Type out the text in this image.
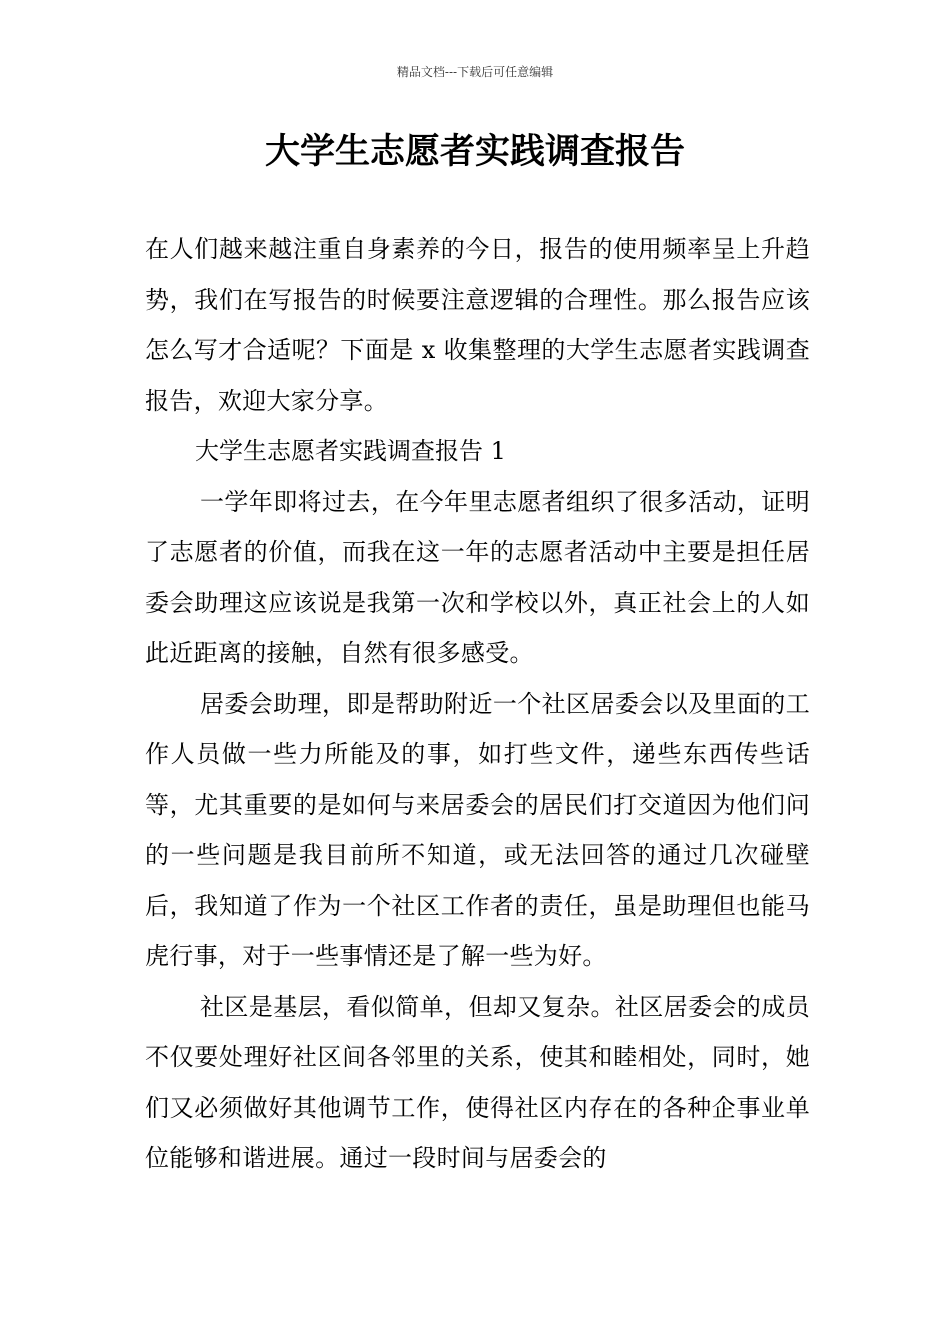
精品文档---下载后可任意编辑
大学生志愿者实践调查报告

在人们越来越注重自身素养的今日，报告的使用频率呈上升趋势，我们在写报告的时候要注意逻辑的合理性。那么报告应该怎么写才合适呢？下面是 x 收集整理的大学生志愿者实践调查报告，欢迎大家分享。

大学生志愿者实践调查报告 1

一学年即将过去，在今年里志愿者组织了很多活动，证明了志愿者的价值，而我在这一年的志愿者活动中主要是担任居委会助理这应该说是我第一次和学校以外，真正社会上的人如此近距离的接触，自然有很多感受。

居委会助理，即是帮助附近一个社区居委会以及里面的工作人员做一些力所能及的事，如打些文件，递些东西传些话等，尤其重要的是如何与来居委会的居民们打交道因为他们问的一些问题是我目前所不知道，或无法回答的通过几次碰壁后，我知道了作为一个社区工作者的责任，虽是助理但也能马虎行事，对于一些事情还是了解一些为好。

社区是基层，看似简单，但却又复杂。社区居委会的成员不仅要处理好社区间各邻里的关系，使其和睦相处，同时，她们又必须做好其他调节工作，使得社区内存在的各种企事业单位能够和谐进展。通过一段时间与居委会的
